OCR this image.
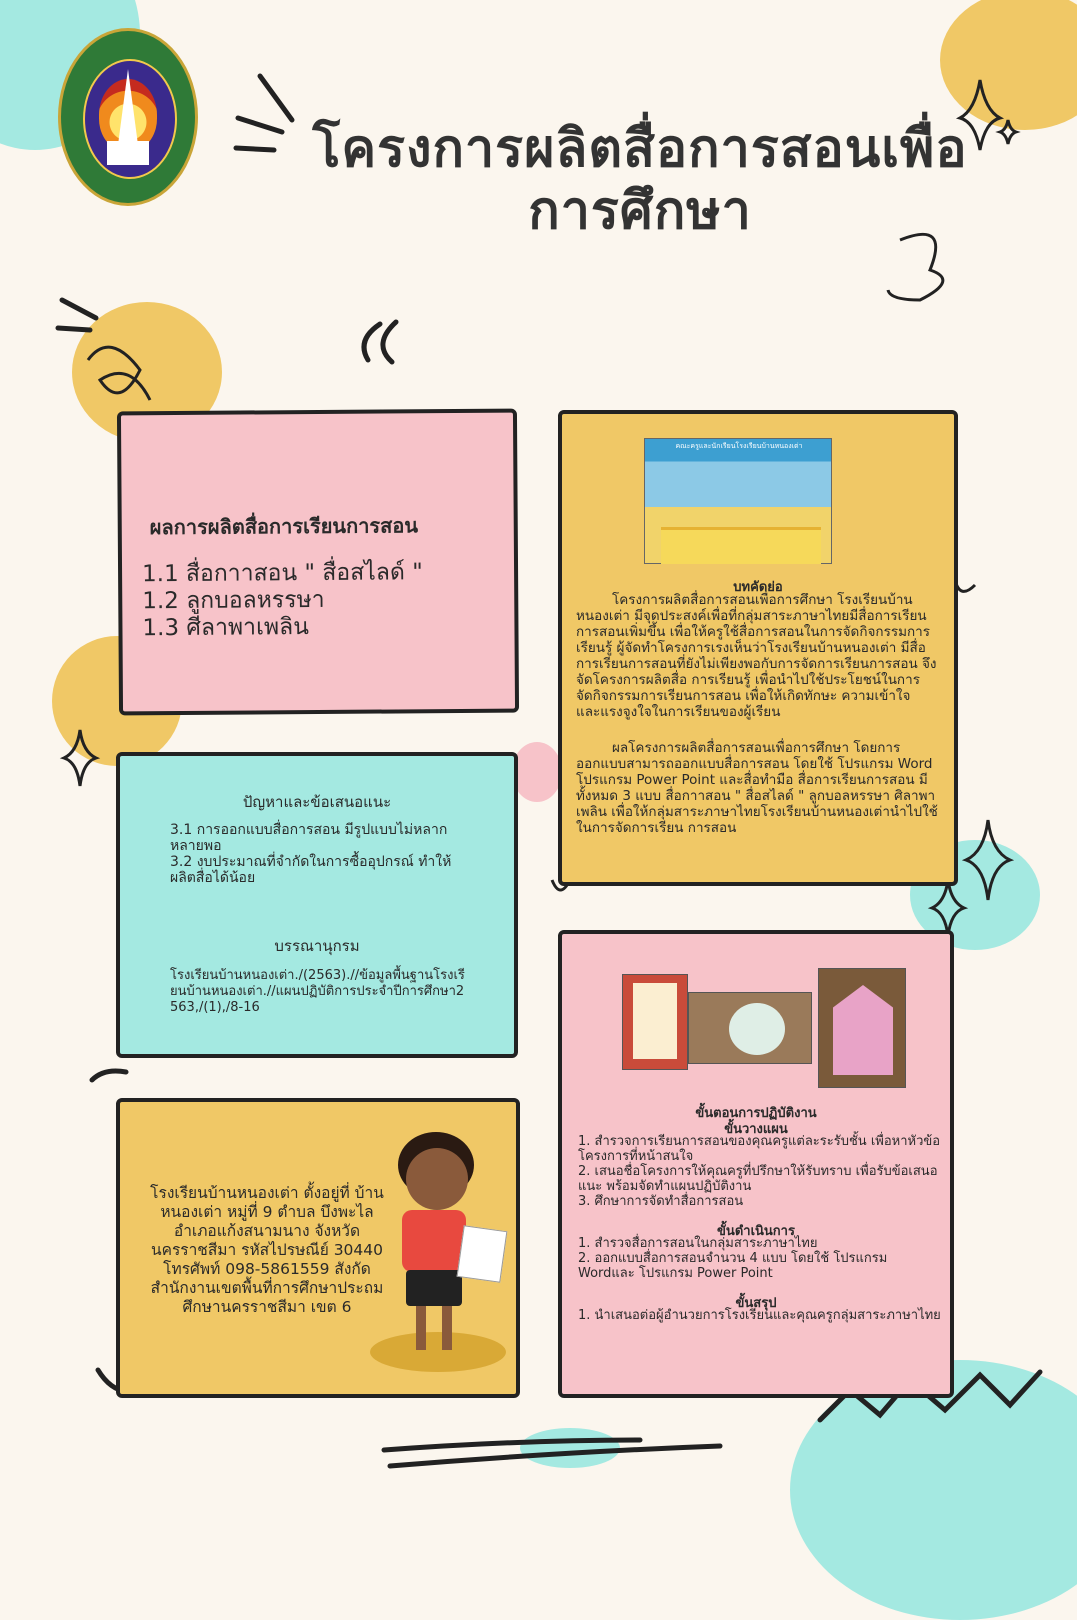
โครงการผลิตสื่อการสอนเพื่อ
การศึกษา
ผลการผลิตสื่อการเรียนการสอน
1.1 สื่อกาาสอน " สื่อสไลด์ "
1.2 ลูกบอลหรรษา
1.3 ศีลาพาเพลิน
ปัญหาและข้อเสนอแนะ
3.1 การออกแบบสื่อการสอน มีรูปแบบไม่หลากหลายพอ
3.2 งบประมาณที่จำกัดในการซื้ออุปกรณ์ ทำให้ผลิตสื่อได้น้อย
บรรณานุกรม
โรงเรียนบ้านหนองเต่า./(2563).//ข้อมูลพื้นฐานโรงเรียนบ้านหนองเต่า.//แผนปฏิบัติการประจำปีการศึกษา2563,/(1),/8-16
โรงเรียนบ้านหนองเต่า ตั้งอยู่ที่ บ้านหนองเต่า หมู่ที่ 9 ตำบล บึงพะไล อำเภอแก้งสนามนาง จังหวัดนครราชสีมา รหัสไปรษณีย์ 30440 โทรศัพท์ 098-5861559 สังกัดสำนักงานเขตพื้นที่การศึกษาประถมศึกษานครราชสีมา เขต 6
คณะครูและนักเรียนโรงเรียนบ้านหนองเต่า
บทคัดย่อ
โครงการผลิตสื่อการสอนเพื่อการศึกษา โรงเรียนบ้านหนองเต่า มีจุดประสงค์เพื่อที่กลุ่มสาระภาษาไทยมีสื่อการเรียนการสอนเพิ่มขึ้น เพื่อให้ครูใช้สื่อการสอนในการจัดกิจกรรมการเรียนรู้ ผู้จัดทำโครงการเรงเห็นว่าโรงเรียนบ้านหนองเต่า มีสื่อ การเรียนการสอนที่ยังไม่เพียงพอกับการจัดการเรียนการสอน จึงจัดโครงการผลิตสื่อ การเรียนรู้ เพื่อนำไปใช้ประโยชน์ในการ จัดกิจกรรมการเรียนการสอน เพื่อให้เกิดทักษะ ความเข้าใจ และแรงจูงใจในการเรียนของผู้เรียน
ผลโครงการผลิตสื่อการสอนเพื่อการศึกษา โดยการออกแบบสามารถออกแบบสื่อการสอน โดยใช้ โปรแกรม Word โปรแกรม Power Point และสื่อทำมือ สื่อการเรียนการสอน มีทั้งหมด 3 แบบ สื่อกาาสอน " สื่อสไลด์ " ลูกบอลหรรษา ศิลาพาเพลิน เพื่อให้กลุ่มสาระภาษาไทยโรงเรียนบ้านหนองเต่านำไปใช้ในการจัดการเรียน การสอน
ขั้นตอนการปฏิบัติงาน
ขั้นวางแผน
1. สำรวจการเรียนการสอนของคุณครูแต่ละระรับชั้น เพื่อหาหัวข้อโครงการที่หน้าสนใจ
2. เสนอชื่อโครงการให้คุณครูที่ปรึกษาให้รับทราบ เพื่อรับข้อเสนอแนะ พร้อมจัดทำแผนปฏิบัติงาน
3. ศึกษาการจัดทำสื่อการสอน
ขั้นดำเนินการ
1. สำรวจสื่อการสอนในกลุ่มสาระภาษาไทย
2. ออกแบบสื่อการสอนจำนวน 4 แบบ โดยใช้ โปรแกรม Wordและ โปรแกรม Power Point
ขั้นสรุป
1. นำเสนอต่อผู้อำนวยการโรงเรียนและคุณครูกลุ่มสาระภาษาไทย
